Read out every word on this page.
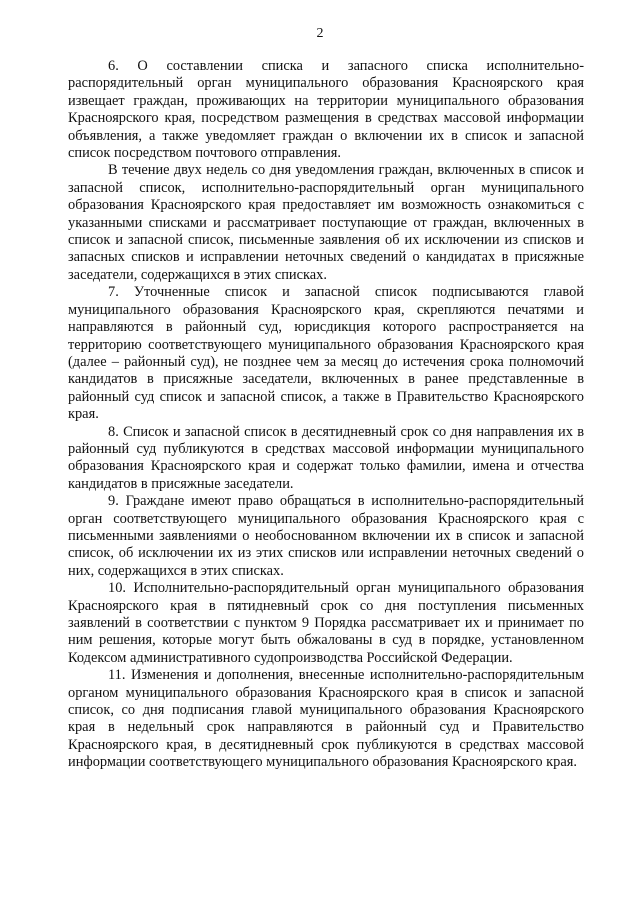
2

6. О составлении списка и запасного списка исполнительно-распорядительный орган муниципального образования Красноярского края извещает граждан, проживающих на территории муниципального образования Красноярского края, посредством размещения в средствах массовой информации объявления, а также уведомляет граждан о включении их в список и запасной список посредством почтового отправления.

В течение двух недель со дня уведомления граждан, включенных в список и запасной список, исполнительно-распорядительный орган муниципального образования Красноярского края предоставляет им возможность ознакомиться с указанными списками и рассматривает поступающие от граждан, включенных в список и запасной список, письменные заявления об их исключении из списков и запасных списков и исправлении неточных сведений о кандидатах в присяжные заседатели, содержащихся в этих списках.

7. Уточненные список и запасной список подписываются главой муниципального образования Красноярского края, скрепляются печатями и направляются в районный суд, юрисдикция которого распространяется на территорию соответствующего муниципального образования Красноярского края (далее – районный суд), не позднее чем за месяц до истечения срока полномочий кандидатов в присяжные заседатели, включенных в ранее представленные в районный суд список и запасной список, а также в Правительство Красноярского края.

8. Список и запасной список в десятидневный срок со дня направления их в районный суд публикуются в средствах массовой информации муниципального образования Красноярского края и содержат только фамилии, имена и отчества кандидатов в присяжные заседатели.

9. Граждане имеют право обращаться в исполнительно-распорядительный орган соответствующего муниципального образования Красноярского края с письменными заявлениями о необоснованном включении их в список и запасной список, об исключении их из этих списков или исправлении неточных сведений о них, содержащихся в этих списках.

10. Исполнительно-распорядительный орган муниципального образования Красноярского края в пятидневный срок со дня поступления письменных заявлений в соответствии с пунктом 9 Порядка рассматривает их и принимает по ним решения, которые могут быть обжалованы в суд в порядке, установленном Кодексом административного судопроизводства Российской Федерации.

11. Изменения и дополнения, внесенные исполнительно-распорядительным органом муниципального образования Красноярского края в список и запасной список, со дня подписания главой муниципального образования Красноярского края в недельный срок направляются в районный суд и Правительство Красноярского края, в десятидневный срок публикуются в средствах массовой информации соответствующего муниципального образования Красноярского края.
